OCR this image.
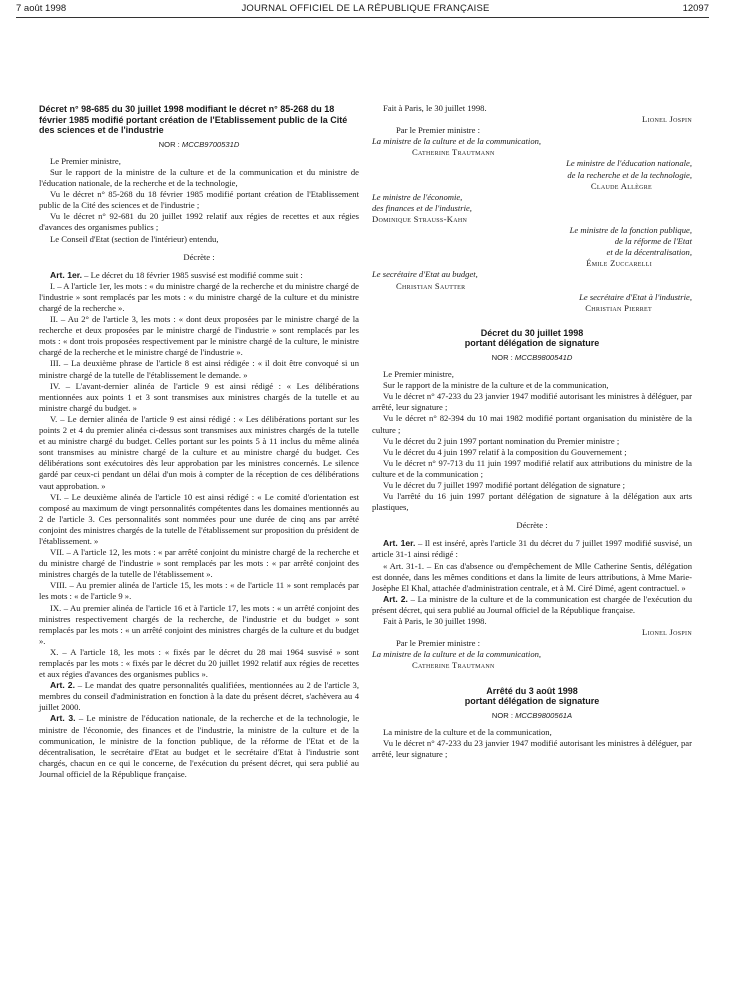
7 août 1998	JOURNAL OFFICIEL DE LA RÉPUBLIQUE FRANÇAISE	12097

Décret n° 98-685 du 30 juillet 1998 modifiant le décret n° 85-268 du 18 février 1985 modifié portant création de l'Etablissement public de la Cité des sciences et de l'industrie

NOR : MCCB9700531D

Le Premier ministre,

Sur le rapport de la ministre de la culture et de la communication et du ministre de l'éducation nationale, de la recherche et de la technologie,

Vu le décret n° 85-268 du 18 février 1985 modifié portant création de l'Etablissement public de la Cité des sciences et de l'industrie ;

Vu le décret n° 92-681 du 20 juillet 1992 relatif aux régies de recettes et aux régies d'avances des organismes publics ;

Le Conseil d'Etat (section de l'intérieur) entendu,

Décrète :

Art. 1er. – Le décret du 18 février 1985 susvisé est modifié comme suit :

I. – A l'article 1er, les mots : « du ministre chargé de la recherche et du ministre chargé de l'industrie » sont remplacés par les mots : « du ministre chargé de la culture et du ministre chargé de la recherche ».

II. – Au 2° de l'article 3, les mots : « dont deux proposées par le ministre chargé de la recherche et deux proposées par le ministre chargé de l'industrie » sont remplacés par les mots : « dont trois proposées respectivement par le ministre chargé de la culture, le ministre chargé de la recherche et le ministre chargé de l'industrie ».

III. – La deuxième phrase de l'article 8 est ainsi rédigée : « il doit être convoqué si un ministre chargé de la tutelle de l'établissement le demande. »

IV. – L'avant-dernier alinéa de l'article 9 est ainsi rédigé : « Les délibérations mentionnées aux points 1 et 3 sont transmises aux ministres chargés de la tutelle et au ministre chargé du budget. »

V. – Le dernier alinéa de l'article 9 est ainsi rédigé : « Les délibérations portant sur les points 2 et 4 du premier alinéa ci-dessus sont transmises aux ministres chargés de la tutelle et au ministre chargé du budget. Celles portant sur les points 5 à 11 inclus du même alinéa sont transmises au ministre chargé de la culture et au ministre chargé du budget. Ces délibérations sont exécutoires dès leur approbation par les ministres concernés. Le silence gardé par ceux-ci pendant un délai d'un mois à compter de la réception de ces délibérations vaut approbation. »

VI. – Le deuxième alinéa de l'article 10 est ainsi rédigé : « Le comité d'orientation est composé au maximum de vingt personnalités compétentes dans les domaines mentionnés au 2 de l'article 3. Ces personnalités sont nommées pour une durée de cinq ans par arrêté conjoint des ministres chargés de la tutelle de l'établissement sur proposition du président de l'établissement. »

VII. – A l'article 12, les mots : « par arrêté conjoint du ministre chargé de la recherche et du ministre chargé de l'industrie » sont remplacés par les mots : « par arrêté conjoint des ministres chargés de la tutelle de l'établissement ».

VIII. – Au premier alinéa de l'article 15, les mots : « de l'article 11 » sont remplacés par les mots : « de l'article 9 ».

IX. – Au premier alinéa de l'article 16 et à l'article 17, les mots : « un arrêté conjoint des ministres respectivement chargés de la recherche, de l'industrie et du budget » sont remplacés par les mots : « un arrêté conjoint des ministres chargés de la culture et du budget ».

X. – A l'article 18, les mots : « fixés par le décret du 28 mai 1964 susvisé » sont remplacés par les mots : « fixés par le décret du 20 juillet 1992 relatif aux régies de recettes et aux régies d'avances des organismes publics ».

Art. 2. – Le mandat des quatre personnalités qualifiées, mentionnées au 2 de l'article 3, membres du conseil d'administration en fonction à la date du présent décret, s'achèvera au 4 juillet 2000.

Art. 3. – Le ministre de l'éducation nationale, de la recherche et de la technologie, le ministre de l'économie, des finances et de l'industrie, la ministre de la culture et de la communication, le ministre de la fonction publique, de la réforme de l'Etat et de la décentralisation, le secrétaire d'Etat au budget et le secrétaire d'Etat à l'industrie sont chargés, chacun en ce qui le concerne, de l'exécution du présent décret, qui sera publié au Journal officiel de la République française.

Fait à Paris, le 30 juillet 1998.

Lionel Jospin

Par le Premier ministre :

La ministre de la culture et de la communication,

Catherine Trautmann

Le ministre de l'éducation nationale,

de la recherche et de la technologie,

Claude Allègre

Le ministre de l'économie,

des finances et de l'industrie,

Dominique Strauss-Kahn

Le ministre de la fonction publique,

de la réforme de l'Etat

et de la décentralisation,

Émile Zuccarelli

Le secrétaire d'Etat au budget,

Christian Sautter

Le secrétaire d'Etat à l'industrie,

Christian Pierret

Décret du 30 juillet 1998

portant délégation de signature

NOR : MCCB9800541D

Le Premier ministre,

Sur le rapport de la ministre de la culture et de la communication,

Vu le décret n° 47-233 du 23 janvier 1947 modifié autorisant les ministres à déléguer, par arrêté, leur signature ;

Vu le décret n° 82-394 du 10 mai 1982 modifié portant organisation du ministère de la culture ;

Vu le décret du 2 juin 1997 portant nomination du Premier ministre ;

Vu le décret du 4 juin 1997 relatif à la composition du Gouvernement ;

Vu le décret n° 97-713 du 11 juin 1997 modifié relatif aux attributions du ministre de la culture et de la communication ;

Vu le décret du 7 juillet 1997 modifié portant délégation de signature ;

Vu l'arrêté du 16 juin 1997 portant délégation de signature à la délégation aux arts plastiques,

Décrète :

Art. 1er. – Il est inséré, après l'article 31 du décret du 7 juillet 1997 modifié susvisé, un article 31-1 ainsi rédigé :

« Art. 31-1. – En cas d'absence ou d'empêchement de Mlle Catherine Sentis, délégation est donnée, dans les mêmes conditions et dans la limite de leurs attributions, à Mme Marie-Josèphe El Khal, attachée d'administration centrale, et à M. Ciré Dimé, agent contractuel. »

Art. 2. – La ministre de la culture et de la communication est chargée de l'exécution du présent décret, qui sera publié au Journal officiel de la République française.

Fait à Paris, le 30 juillet 1998.

Lionel Jospin

Par le Premier ministre :

La ministre de la culture et de la communication,

Catherine Trautmann

Arrêté du 3 août 1998

portant délégation de signature

NOR : MCCB9800561A

La ministre de la culture et de la communication,

Vu le décret n° 47-233 du 23 janvier 1947 modifié autorisant les ministres à déléguer, par arrêté, leur signature ;
